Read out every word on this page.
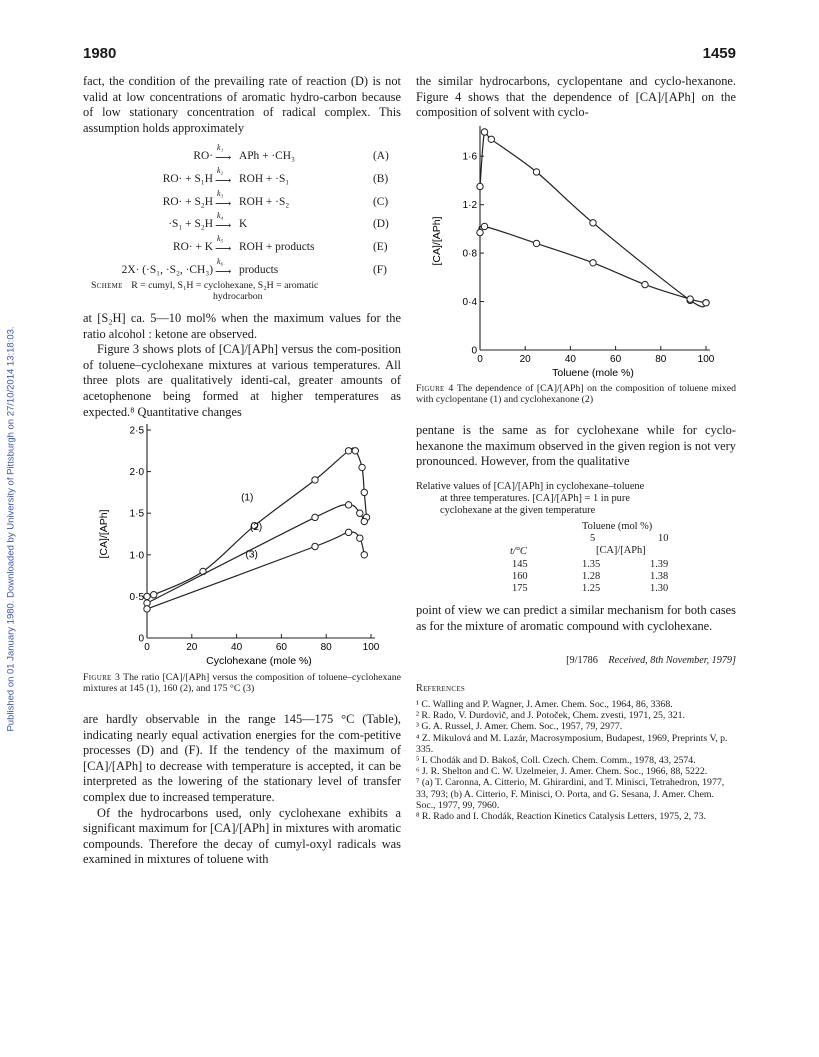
Published on 01 January 1980. Downloaded by University of Pittsburgh on 27/10/2014 13:18:03.
1980	1459
fact, the condition of the prevailing rate of reaction (D) is not valid at low concentrations of aromatic hydro-carbon because of low stationary concentration of radical complex. This assumption holds approximately
the similar hydrocarbons, cyclopentane and cyclo-hexanone. Figure 4 shows that the dependence of [CA]/[APh] on the composition of solvent with cyclo-
RO·
k₁
⟶ APh + ·CH₃	(A)
RO· + S₁H
k₂
⟶ ROH + ·S₁	(B)
RO· + S₂H
k₃
⟶ ROH + ·S₂	(C)
·S₁ + S₂H
k₄
⟶ K	(D)
RO· + K
k₅
⟶ ROH + products	(E)
2X· (·S₁, ·S₂, ·CH₃)
k₆
⟶ products	(F)
Scheme R = cumyl, S₁H = cyclohexane, S₂H = aromatic
hydrocarbon

at [S₂H] ca. 5—10 mol% when the maximum values for the ratio alcohol : ketone are observed.

Figure 3 shows plots of [CA]/[APh] versus the com-position of toluene–cyclohexane mixtures at various temperatures. All three plots are qualitatively identi-cal, greater amounts of acetophenone being formed at higher temperatures as expected.⁸ Quantitative changes

0	20	40	60	80	100
0
0·5
1·0
1·5
2·0
2·5
Cyclohexane (mole %)
[CA]/[APh]
(1)
(2)
(3)
Figure 3 The ratio [CA]/[APh] versus the composition of toluene–cyclohexane mixtures at 145 (1), 160 (2), and 175 °C (3)

are hardly observable in the range 145—175 °C (Table), indicating nearly equal activation energies for the com-petitive processes (D) and (F). If the tendency of the maximum of [CA]/[APh] to decrease with temperature is accepted, it can be interpreted as the lowering of the stationary level of transfer complex due to increased temperature.

Of the hydrocarbons used, only cyclohexane exhibits a significant maximum for [CA]/[APh] in mixtures with aromatic compounds. Therefore the decay of cumyl-oxyl radicals was examined in mixtures of toluene with

0	20	40	60	80	100
0
0·4
0·8
1·2
1·6
Toluene (mole %)
[CA]/[APh]
Figure 4 The dependence of [CA]/[APh] on the composition of toluene mixed with cyclopentane (1) and cyclohexanone (2)
pentane is the same as for cyclohexane while for cyclo-hexanone the maximum observed in the given region is not very pronounced. However, from the qualitative
Relative values of [CA]/[APh] in cyclohexane–toluene
at three temperatures. [CA]/[APh] = 1 in pure
cyclohexane at the given temperature
Toluene (mol %)
5	10
t/°C	[CA]/[APh]
145	1.35	1.39
160	1.28	1.38
175	1.25	1.30
point of view we can predict a similar mechanism for both cases as for the mixture of aromatic compound with cyclohexane.
[9/1786 Received, 8th November, 1979]
References
¹ C. Walling and P. Wagner, J. Amer. Chem. Soc., 1964, 86, 3368.
² R. Rado, V. Durdovič, and J. Potoček, Chem. zvesti, 1971, 25, 321.
³ G. A. Russel, J. Amer. Chem. Soc., 1957, 79, 2977.
⁴ Z. Mikulová and M. Lazár, Macrosymposium, Budapest, 1969, Preprints V, p. 335.
⁵ I. Chodák and D. Bakoš, Coll. Czech. Chem. Comm., 1978, 43, 2574.
⁶ J. R. Shelton and C. W. Uzelmeier, J. Amer. Chem. Soc., 1966, 88, 5222.
⁷ (a) T. Caronna, A. Citterio, M. Ghirardini, and T. Minisci, Tetrahedron, 1977, 33, 793; (b) A. Citterio, F. Minisci, O. Porta, and G. Sesana, J. Amer. Chem. Soc., 1977, 99, 7960.
⁸ R. Rado and I. Chodák, Reaction Kinetics Catalysis Letters, 1975, 2, 73.
